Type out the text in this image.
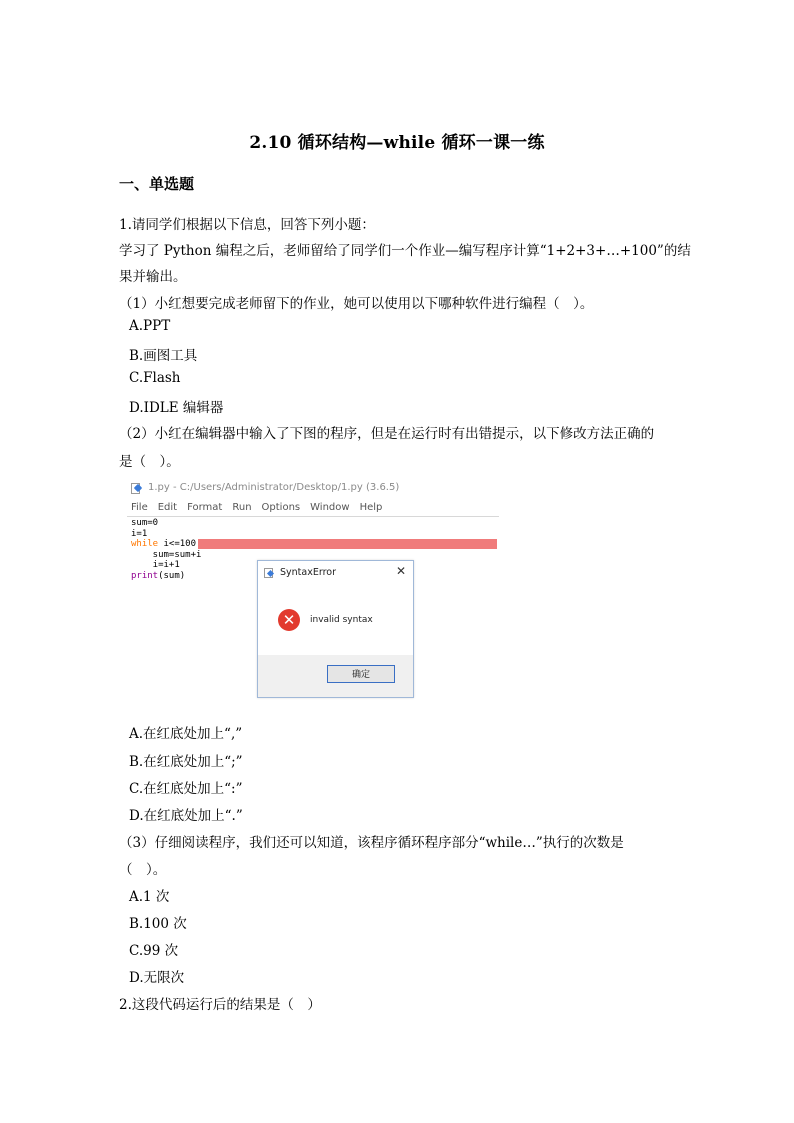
2.10 循环结构—while 循环一课一练
一、单选题
1.请同学们根据以下信息，回答下列小题：
学习了 Python 编程之后，老师留给了同学们一个作业—编写程序计算“1+2+3+…+100”的结
果并输出。
（1）小红想要完成老师留下的作业，她可以使用以下哪种软件进行编程（　）。
A.PPT
B.画图工具
C.Flash
D.IDLE 编辑器
（2）小红在编辑器中输入了下图的程序，但是在运行时有出错提示，以下修改方法正确的
是（　）。
1.py - C:/Users/Administrator/Desktop/1.py (3.6.5)
File Edit Format Run Options Window Help
sum=0
i=1
while i<=100
sum=sum+i
i=i+1
print(sum)	SyntaxError	✕
✕	invalid syntax
确定
A.在红底处加上“,”
B.在红底处加上“;”
C.在红底处加上“:”
D.在红底处加上“.”
（3）仔细阅读程序，我们还可以知道，该程序循环程序部分“while…”执行的次数是
（　）。
A.1 次
B.100 次
C.99 次
D.无限次
2.这段代码运行后的结果是（　）
